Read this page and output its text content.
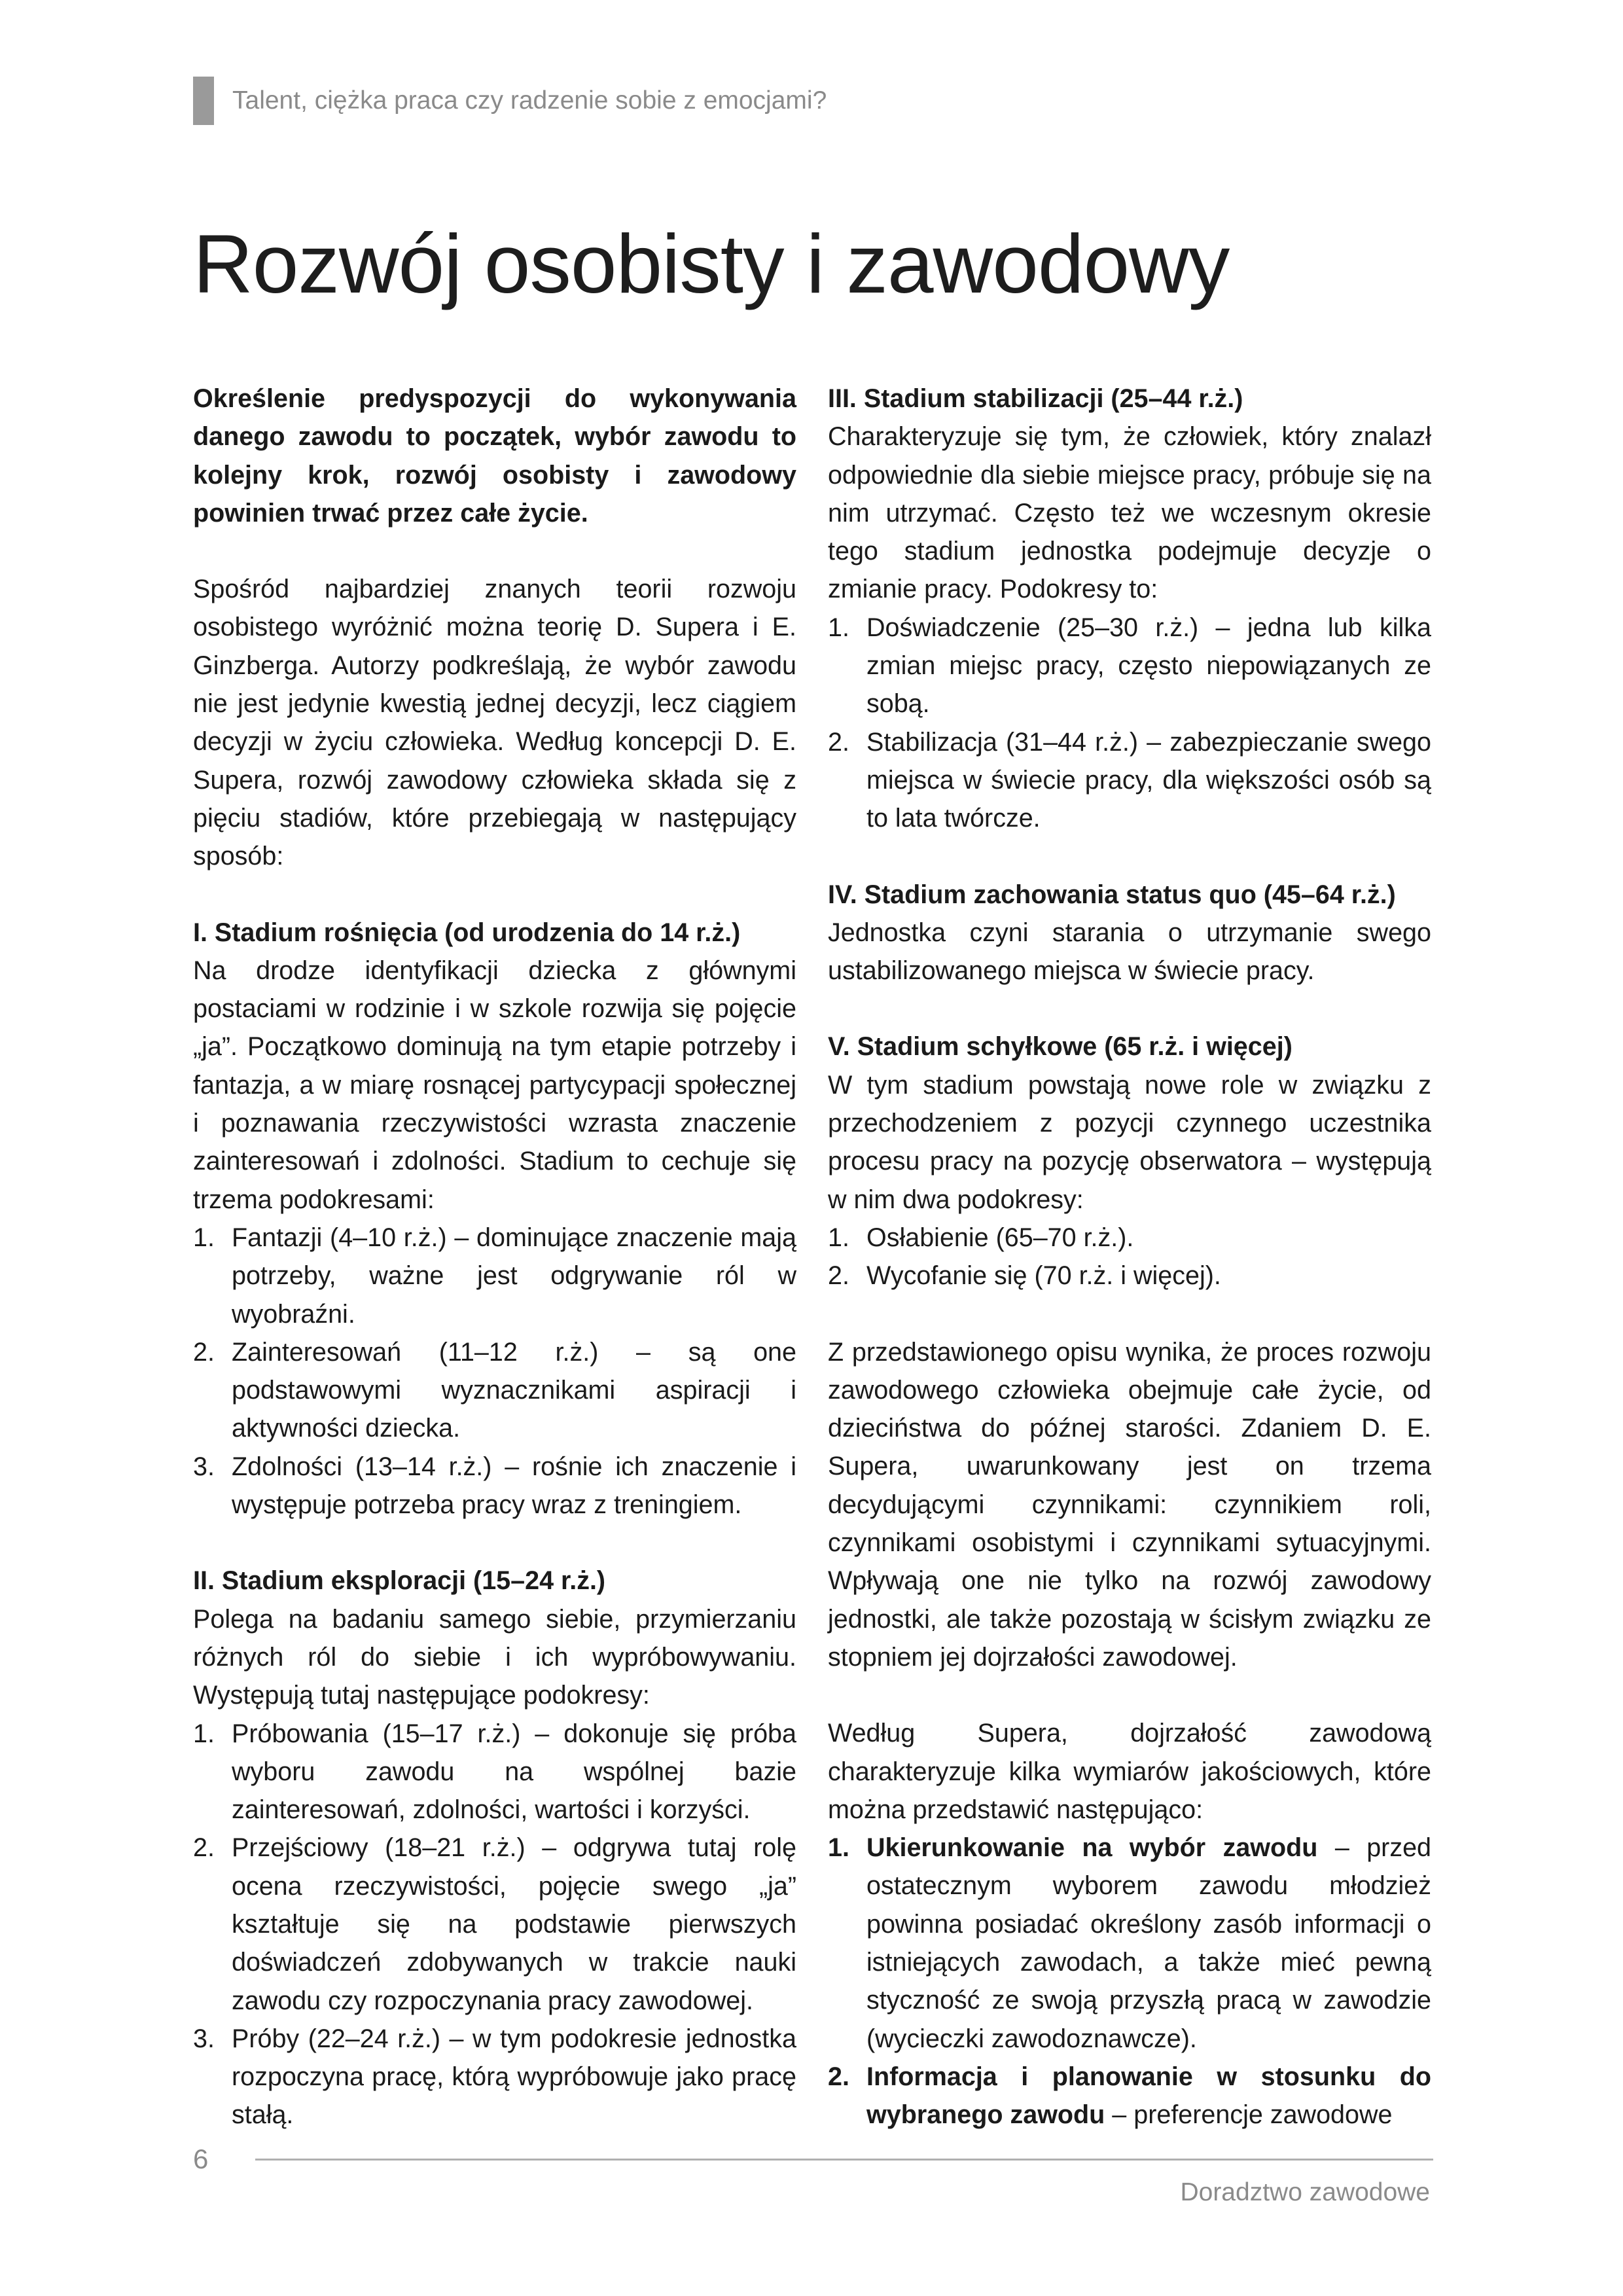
Talent, ciężka praca czy radzenie sobie z emocjami?
Rozwój osobisty i zawodowy

Określenie predyspozycji do wykonywania danego zawodu to początek, wybór zawodu to kolejny krok, rozwój osobisty i zawodowy powinien trwać przez całe życie.

Spośród najbardziej znanych teorii rozwoju osobistego wyróżnić można teorię D. Supera i E. Ginzberga. Autorzy podkreślają, że wybór zawodu nie jest jedynie kwestią jednej decyzji, lecz ciągiem decyzji w życiu człowieka. Według koncepcji D. E. Supera, rozwój zawodowy człowieka składa się z pięciu stadiów, które przebiegają w następujący sposób:

I. Stadium rośnięcia (od urodzenia do 14 r.ż.)

Na drodze identyfikacji dziecka z głównymi postaciami w rodzinie i w szkole rozwija się pojęcie „ja”. Początkowo dominują na tym etapie potrzeby i fantazja, a w miarę rosnącej partycypacji społecznej i poznawania rzeczywistości wzrasta znaczenie zainteresowań i zdolności. Stadium to cechuje się trzema podokresami:

1. Fantazji (4–10 r.ż.) – dominujące znaczenie mają potrzeby, ważne jest odgrywanie ról w wyobraźni.
2. Zainteresowań (11–12 r.ż.) – są one podstawowymi wyznacznikami aspiracji i aktywności dziecka.
3. Zdolności (13–14 r.ż.) – rośnie ich znaczenie i występuje potrzeba pracy wraz z treningiem.

II. Stadium eksploracji (15–24 r.ż.)

Polega na badaniu samego siebie, przymierzaniu różnych ról do siebie i ich wypróbowywaniu. Występują tutaj następujące podokresy:

1. Próbowania (15–17 r.ż.) – dokonuje się próba wyboru zawodu na wspólnej bazie zainteresowań, zdolności, wartości i korzyści.
2. Przejściowy (18–21 r.ż.) – odgrywa tutaj rolę ocena rzeczywistości, pojęcie swego „ja” kształtuje się na podstawie pierwszych doświadczeń zdobywanych w trakcie nauki zawodu czy rozpoczynania pracy zawodowej.
3. Próby (22–24 r.ż.) – w tym podokresie jednostka rozpoczyna pracę, którą wypróbowuje jako pracę stałą.

III. Stadium stabilizacji (25–44 r.ż.)

Charakteryzuje się tym, że człowiek, który znalazł odpowiednie dla siebie miejsce pracy, próbuje się na nim utrzymać. Często też we wczesnym okresie tego stadium jednostka podejmuje decyzje o zmianie pracy. Podokresy to:

1. Doświadczenie (25–30 r.ż.) – jedna lub kilka zmian miejsc pracy, często niepowiązanych ze sobą.
2. Stabilizacja (31–44 r.ż.) – zabezpieczanie swego miejsca w świecie pracy, dla większości osób są to lata twórcze.

IV. Stadium zachowania status quo (45–64 r.ż.)

Jednostka czyni starania o utrzymanie swego ustabilizowanego miejsca w świecie pracy.

V. Stadium schyłkowe (65 r.ż. i więcej)

W tym stadium powstają nowe role w związku z przechodzeniem z pozycji czynnego uczestnika procesu pracy na pozycję obserwatora – występują w nim dwa podokresy:

1. Osłabienie (65–70 r.ż.).
2. Wycofanie się (70 r.ż. i więcej).

Z przedstawionego opisu wynika, że proces rozwoju zawodowego człowieka obejmuje całe życie, od dzieciństwa do późnej starości. Zdaniem D. E. Supera, uwarunkowany jest on trzema decydującymi czynnikami: czynnikiem roli, czynnikami osobistymi i czynnikami sytuacyjnymi. Wpływają one nie tylko na rozwój zawodowy jednostki, ale także pozostają w ścisłym związku ze stopniem jej dojrzałości zawodowej.

Według Supera, dojrzałość zawodową charakteryzuje kilka wymiarów jakościowych, które można przedstawić następująco:

1. Ukierunkowanie na wybór zawodu – przed ostatecznym wyborem zawodu młodzież powinna posiadać określony zasób informacji o istniejących zawodach, a także mieć pewną styczność ze swoją przyszłą pracą w zawodzie (wycieczki zawodoznawcze).
2. Informacja i planowanie w stosunku do wybranego zawodu – preferencje zawodowe
6
Doradztwo zawodowe
